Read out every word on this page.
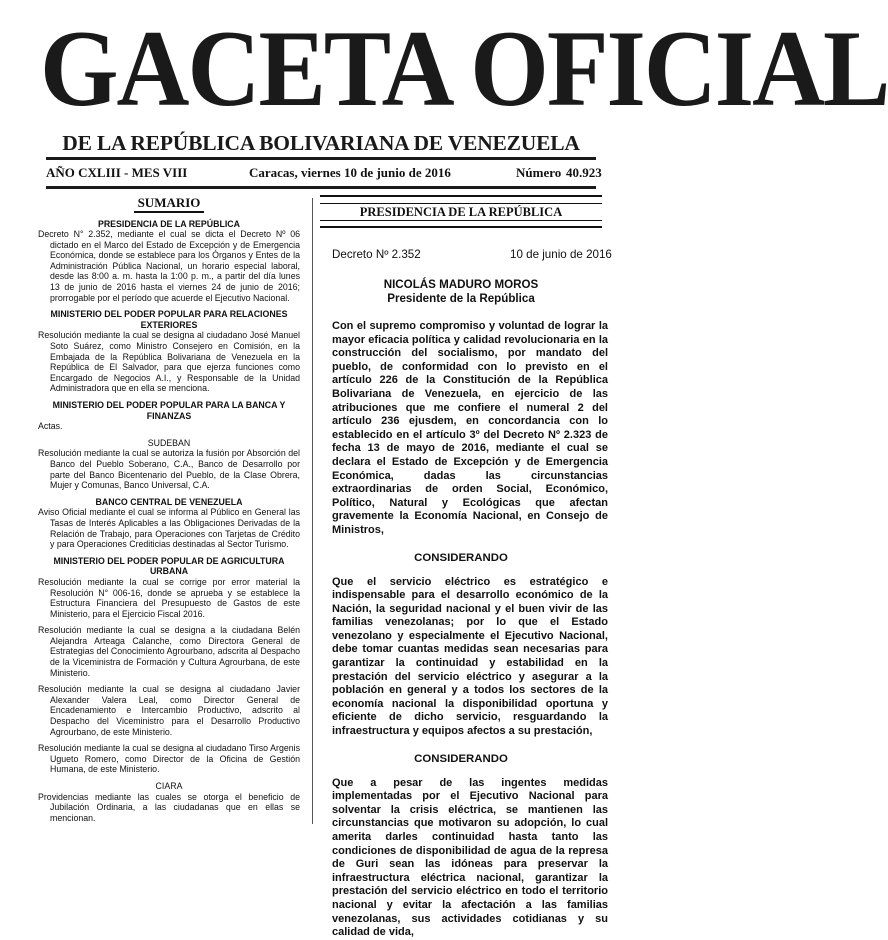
GACETA OFICIAL
DE LA REPÚBLICA BOLIVARIANA DE VENEZUELA
AÑO CXLIII - MES VIII	Caracas, viernes 10 de junio de 2016	Número 40.923
SUMARIO
PRESIDENCIA DE LA REPÚBLICA
Decreto N° 2.352, mediante el cual se dicta el Decreto Nº 06 dictado en el Marco del Estado de Excepción y de Emergencia Económica, donde se establece para los Órganos y Entes de la Administración Pública Nacional, un horario especial laboral, desde las 8:00 a. m. hasta la 1:00 p. m., a partir del día lunes 13 de junio de 2016 hasta el viernes 24 de junio de 2016; prorrogable por el período que acuerde el Ejecutivo Nacional.
MINISTERIO DEL PODER POPULAR PARA RELACIONES EXTERIORES
Resolución mediante la cual se designa al ciudadano José Manuel Soto Suárez, como Ministro Consejero en Comisión, en la Embajada de la República Bolivariana de Venezuela en la República de El Salvador, para que ejerza funciones como Encargado de Negocios A.I., y Responsable de la Unidad Administradora que en ella se menciona.
MINISTERIO DEL PODER POPULAR PARA LA BANCA Y FINANZAS
Actas.
SUDEBAN
Resolución mediante la cual se autoriza la fusión por Absorción del Banco del Pueblo Soberano, C.A., Banco de Desarrollo por parte del Banco Bicentenario del Pueblo, de la Clase Obrera, Mujer y Comunas, Banco Universal, C.A.
BANCO CENTRAL DE VENEZUELA
Aviso Oficial mediante el cual se informa al Público en General las Tasas de Interés Aplicables a las Obligaciones Derivadas de la Relación de Trabajo, para Operaciones con Tarjetas de Crédito y para Operaciones Crediticias destinadas al Sector Turismo.
MINISTERIO DEL PODER POPULAR DE AGRICULTURA URBANA
Resolución mediante la cual se corrige por error material la Resolución N° 006-16, donde se aprueba y se establece la Estructura Financiera del Presupuesto de Gastos de este Ministerio, para el Ejercicio Fiscal 2016.
Resolución mediante la cual se designa a la ciudadana Belén Alejandra Arteaga Calanche, como Directora General de Estrategias del Conocimiento Agrourbano, adscrita al Despacho de la Viceministra de Formación y Cultura Agrourbana, de este Ministerio.
Resolución mediante la cual se designa al ciudadano Javier Alexander Valera Leal, como Director General de Encadenamiento e Intercambio Productivo, adscrito al Despacho del Viceministro para el Desarrollo Productivo Agrourbano, de este Ministerio.
Resolución mediante la cual se designa al ciudadano Tirso Argenis Ugueto Romero, como Director de la Oficina de Gestión Humana, de este Ministerio.
CIARA
Providencias mediante las cuales se otorga el beneficio de Jubilación Ordinaria, a las ciudadanas que en ellas se mencionan.
PRESIDENCIA DE LA REPÚBLICA
Decreto Nº 2.352	10 de junio de 2016
NICOLÁS MADURO MOROS
Presidente de la República
Con el supremo compromiso y voluntad de lograr la mayor eficacia política y calidad revolucionaria en la construcción del socialismo, por mandato del pueblo, de conformidad con lo previsto en el artículo 226 de la Constitución de la República Bolivariana de Venezuela, en ejercicio de las atribuciones que me confiere el numeral 2 del artículo 236 ejusdem, en concordancia con lo establecido en el artículo 3º del Decreto Nº 2.323 de fecha 13 de mayo de 2016, mediante el cual se declara el Estado de Excepción y de Emergencia Económica, dadas las circunstancias extraordinarias de orden Social, Económico, Político, Natural y Ecológicas que afectan gravemente la Economía Nacional, en Consejo de Ministros,
CONSIDERANDO
Que el servicio eléctrico es estratégico e indispensable para el desarrollo económico de la Nación, la seguridad nacional y el buen vivir de las familias venezolanas; por lo que el Estado venezolano y especialmente el Ejecutivo Nacional, debe tomar cuantas medidas sean necesarias para garantizar la continuidad y estabilidad en la prestación del servicio eléctrico y asegurar a la población en general y a todos los sectores de la economía nacional la disponibilidad oportuna y eficiente de dicho servicio, resguardando la infraestructura y equipos afectos a su prestación,
CONSIDERANDO
Que a pesar de las ingentes medidas implementadas por el Ejecutivo Nacional para solventar la crisis eléctrica, se mantienen las circunstancias que motivaron su adopción, lo cual amerita darles continuidad hasta tanto las condiciones de disponibilidad de agua de la represa de Guri sean las idóneas para preservar la infraestructura eléctrica nacional, garantizar la prestación del servicio eléctrico en todo el territorio nacional y evitar la afectación a las familias venezolanas, sus actividades cotidianas y su calidad de vida,
